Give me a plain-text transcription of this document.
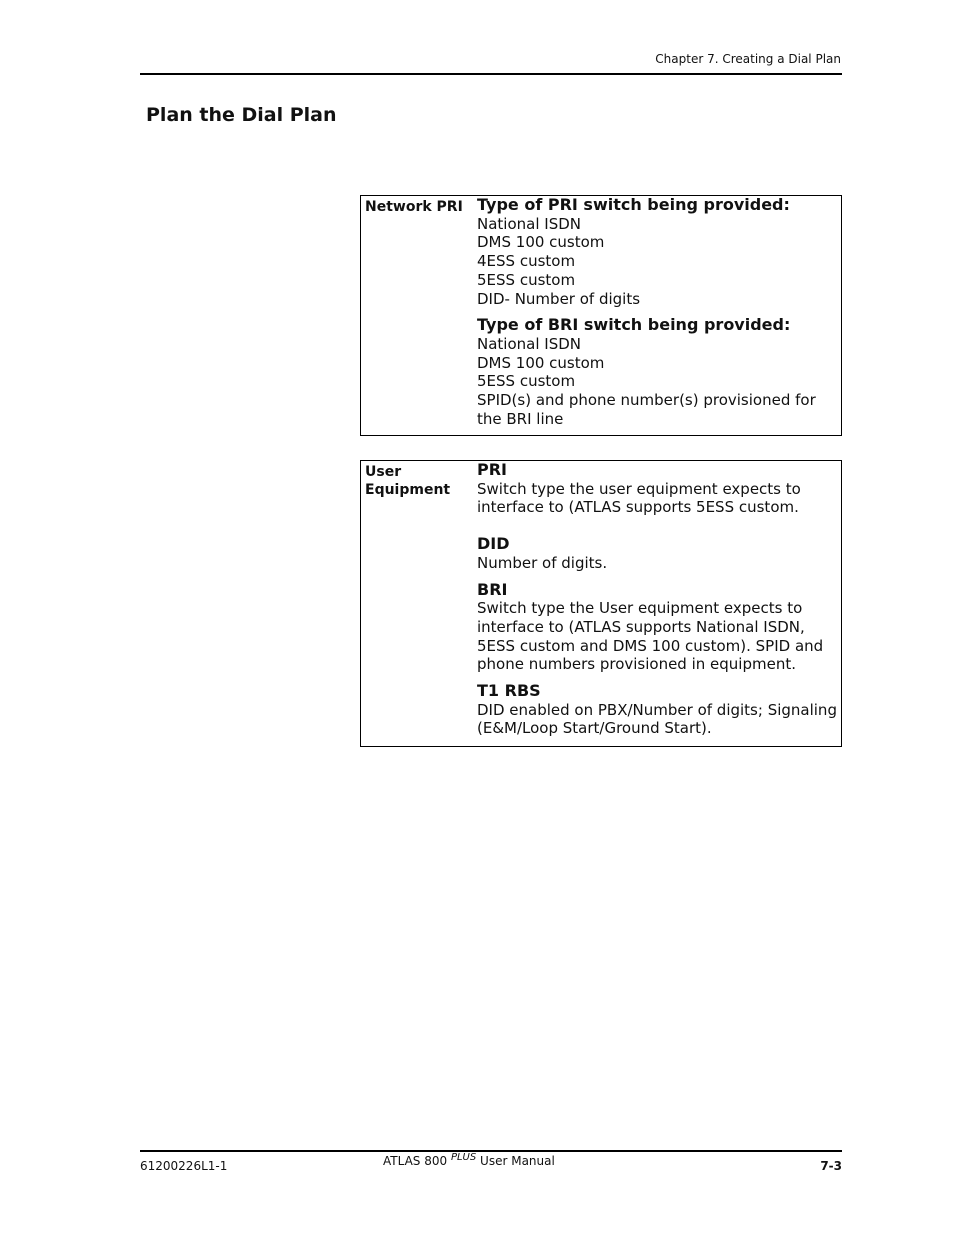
Chapter 7. Creating a Dial Plan
Plan the Dial Plan
Network PRI Type of PRI switch being provided:
National ISDN
DMS 100 custom
4ESS custom
5ESS custom
DID- Number of digits
Type of BRI switch being provided:
National ISDN
DMS 100 custom
5ESS custom
SPID(s) and phone number(s) provisioned for the BRI line
User
Equipment
PRI
Switch type the user equipment expects to interface to (ATLAS supports 5ESS custom.
DID
Number of digits.
BRI
Switch type the User equipment expects to interface to (ATLAS supports National ISDN, 5ESS custom and DMS 100 custom). SPID and phone numbers provisioned in equipment.
T1 RBS
DID enabled on PBX/Number of digits; Signaling (E&M/Loop Start/Ground Start).
61200226L1-1	ATLAS 800 $^{PLUS}$ User Manual	7-3
